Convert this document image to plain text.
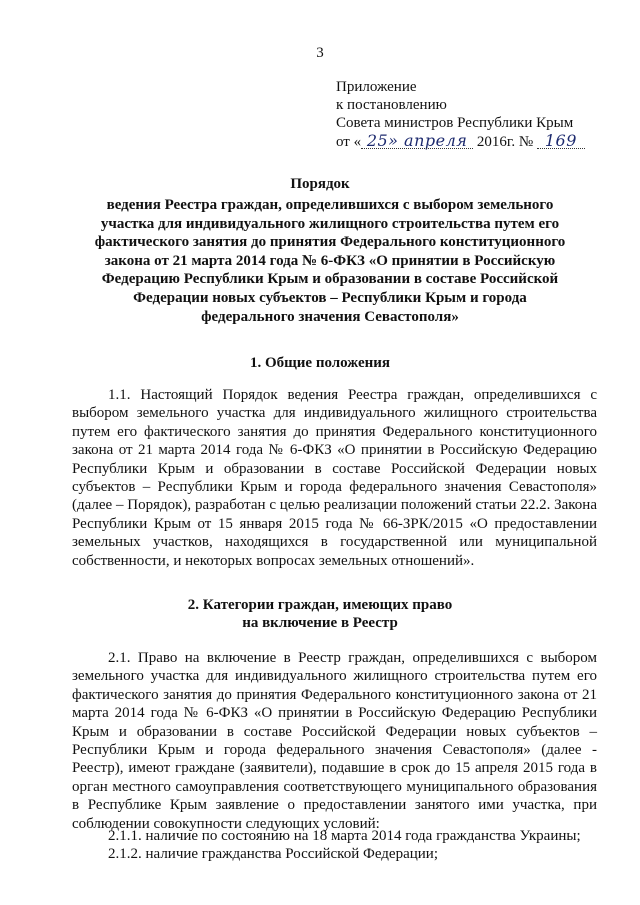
3
Приложение
к постановлению
Совета министров Республики Крым
от « 25» апреля 2016г. № 169
Порядок
ведения Реестра граждан, определившихся с выбором земельного участка для индивидуального жилищного строительства путем его фактического занятия до принятия Федерального конституционного закона от 21 марта 2014 года № 6-ФКЗ «О принятии в Российскую Федерацию Республики Крым и образовании в составе Российской Федерации новых субъектов – Республики Крым и города федерального значения Севастополя»
1. Общие положения
1.1. Настоящий Порядок ведения Реестра граждан, определившихся с выбором земельного участка для индивидуального жилищного строительства путем его фактического занятия до принятия Федерального конституционного закона от 21 марта 2014 года № 6-ФКЗ «О принятии в Российскую Федерацию Республики Крым и образовании в составе Российской Федерации новых субъектов – Республики Крым и города федерального значения Севастополя» (далее – Порядок), разработан с целью реализации положений статьи 22.2. Закона Республики Крым от 15 января 2015 года № 66-ЗРК/2015 «О предоставлении земельных участков, находящихся в государственной или муниципальной собственности, и некоторых вопросах земельных отношений».
2. Категории граждан, имеющих право
на включение в Реестр
2.1. Право на включение в Реестр граждан, определившихся с выбором земельного участка для индивидуального жилищного строительства путем его фактического занятия до принятия Федерального конституционного закона от 21 марта 2014 года № 6-ФКЗ «О принятии в Российскую Федерацию Республики Крым и образовании в составе Российской Федерации новых субъектов – Республики Крым и города федерального значения Севастополя» (далее - Реестр), имеют граждане (заявители), подавшие в срок до 15 апреля 2015 года в орган местного самоуправления соответствующего муниципального образования в Республике Крым заявление о предоставлении занятого ими участка, при соблюдении совокупности следующих условий:
2.1.1. наличие по состоянию на 18 марта 2014 года гражданства Украины;
2.1.2. наличие гражданства Российской Федерации;
